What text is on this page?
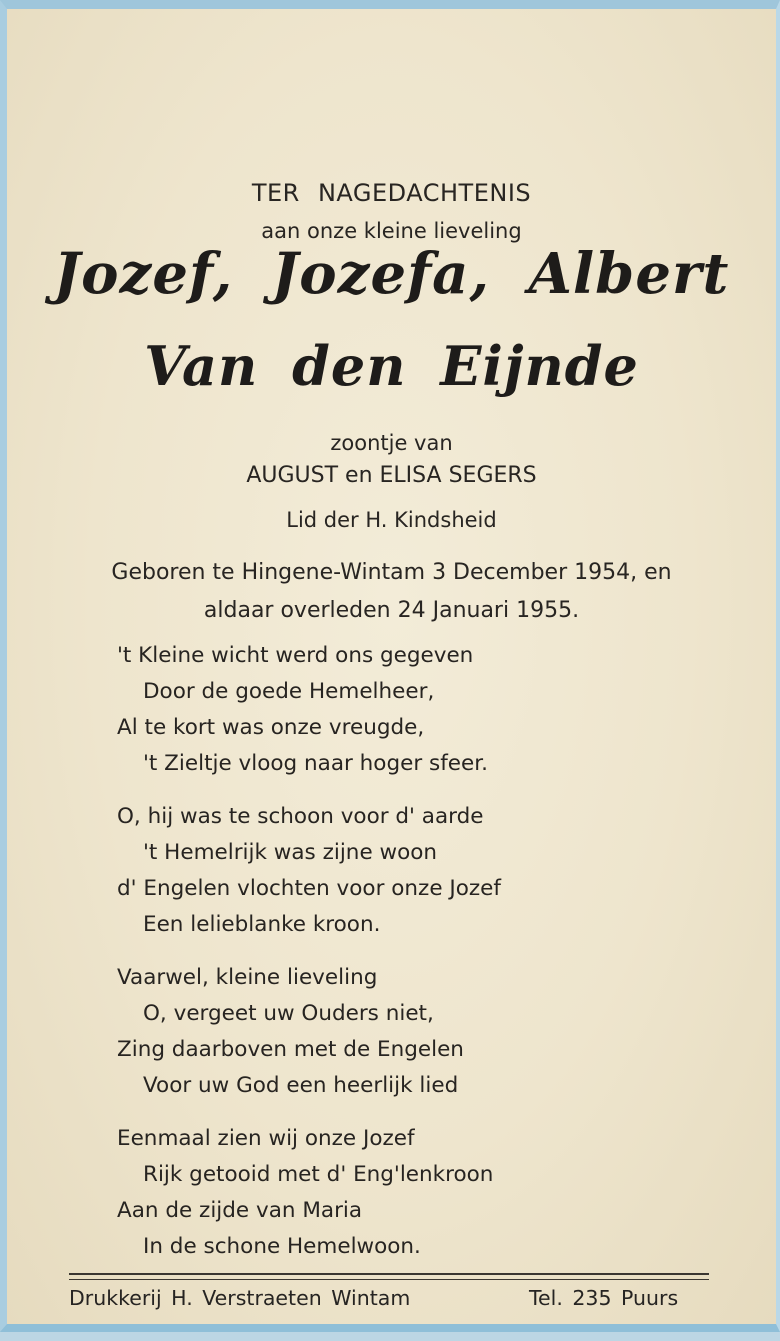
TER NAGEDACHTENIS

aan onze kleine lieveling

Jozef, Jozefa, Albert

Van den Eijnde

zoontje van

AUGUST en ELISA SEGERS

Lid der H. Kindsheid

Geboren te Hingene-Wintam 3 December 1954, en

aldaar overleden 24 Januari 1955.

't Kleine wicht werd ons gegeven

Door de goede Hemelheer,

Al te kort was onze vreugde,

't Zieltje vloog naar hoger sfeer.

O, hij was te schoon voor d' aarde

't Hemelrijk was zijne woon

d' Engelen vlochten voor onze Jozef

Een lelieblanke kroon.

Vaarwel, kleine lieveling

O, vergeet uw Ouders niet,

Zing daarboven met de Engelen

Voor uw God een heerlijk lied

Eenmaal zien wij onze Jozef

Rijk getooid met d' Eng'lenkroon

Aan de zijde van Maria

In de schone Hemelwoon.

Drukkerij H. Verstraeten Wintam	Tel. 235 Puurs
